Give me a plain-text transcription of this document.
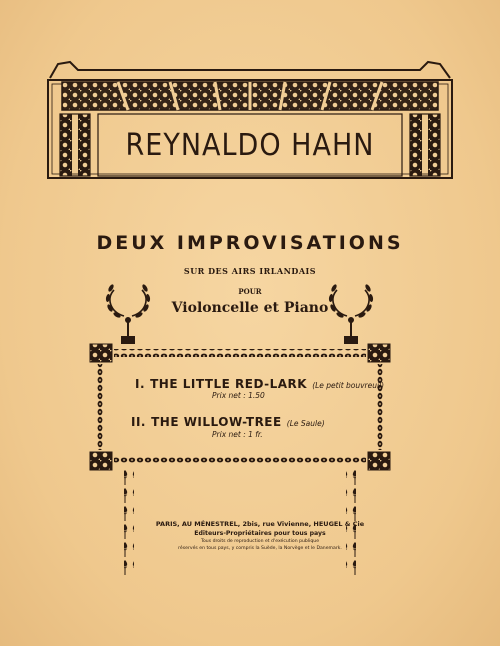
REYNALDO HAHN
DEUX IMPROVISATIONS
SUR DES AIRS IRLANDAIS
POUR
Violoncelle et Piano
I. THE LITTLE RED-LARK (Le petit bouvreuil)
Prix net : 1.50
II. THE WILLOW-TREE (Le Saule)
Prix net : 1 fr.
PARIS, AU MÉNESTREL, 2bis, rue Vivienne, HEUGEL & Cie
Editeurs-Propriétaires pour tous pays
Tous droits de reproduction et d'exécution publique
réservés en tous pays, y compris la Suède, la Norvège et le Danemark.
